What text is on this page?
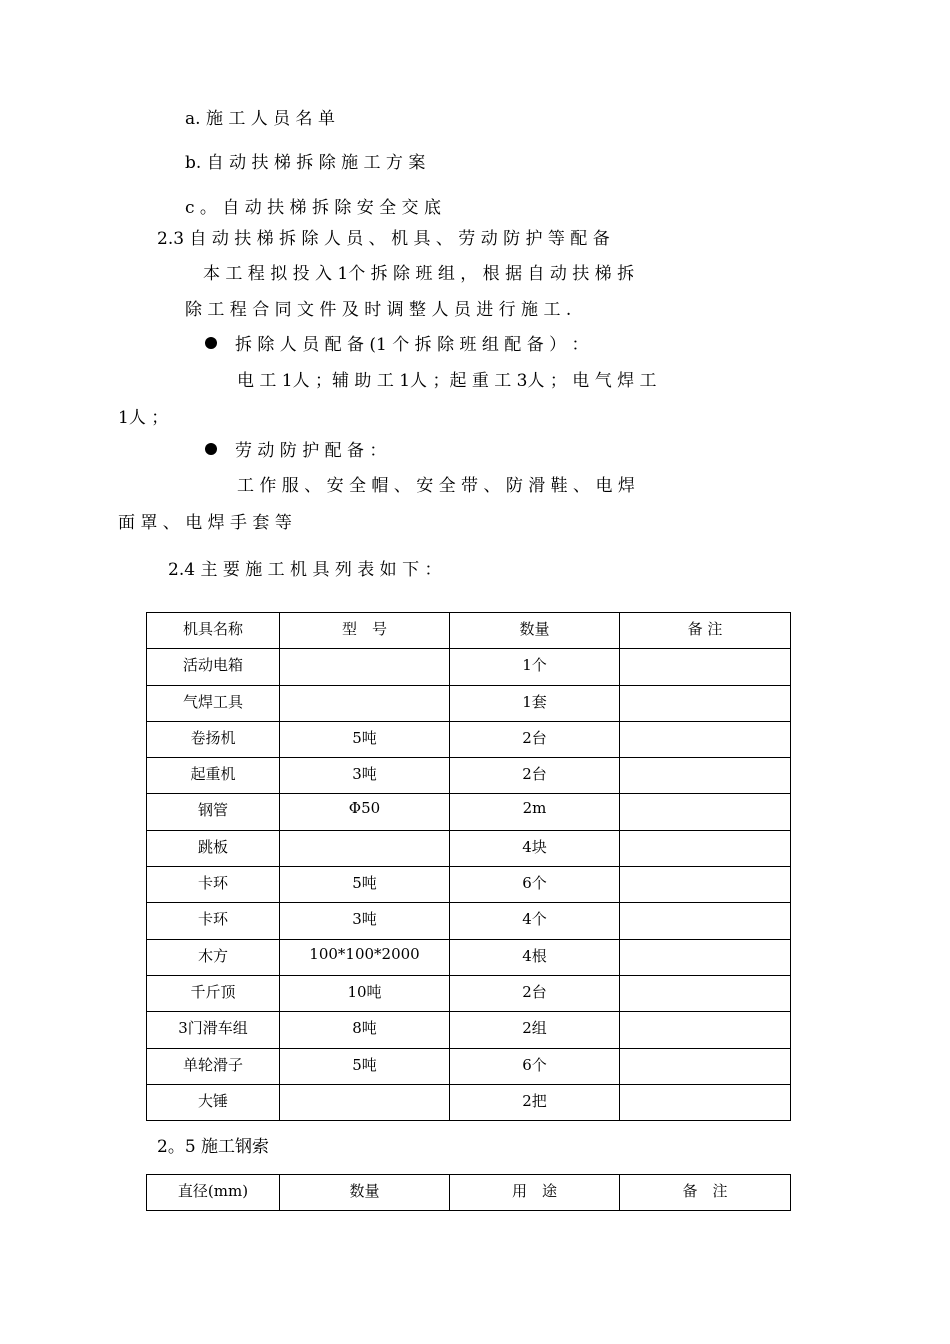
a. 施 工 人 员 名 单
b. 自 动 扶 梯 拆 除 施 工 方 案
c 。 自 动 扶 梯 拆 除 安 全 交 底
2.3 自 动 扶 梯 拆 除 人 员 、 机 具 、 劳 动 防 护 等 配 备
本 工 程 拟 投 入 1个 拆 除 班 组 ， 根 据 自 动 扶 梯 拆
除 工 程 合 同 文 件 及 时 调 整 人 员 进 行 施 工 .
拆 除 人 员 配 备 (1 个 拆 除 班 组 配 备 ） ：
电 工 1人 ；辅 助 工 1人 ；起 重 工 3人 ； 电 气 焊 工
1人 ；
劳 动 防 护 配 备 ：
工 作 服 、 安 全 帽 、 安 全 带 、 防 滑 鞋 、 电 焊
面 罩 、 电 焊 手 套 等
2.4 主 要 施 工 机 具 列 表 如 下 ：
机具名称	型　号	数量	备 注
活动电箱		1个	
气焊工具		1套	
卷扬机	5吨	2台	
起重机	3吨	2台	
钢管	Φ50	2m	
跳板		4块	
卡环	5吨	6个	
卡环	3吨	4个	
木方	100*100*2000	4根	
千斤顶	10吨	2台	
3门滑车组	8吨	2组	
单轮滑子	5吨	6个	
大锤		2把	
2。5 施工钢索
直径(mm)	数量	用　途	备　注
